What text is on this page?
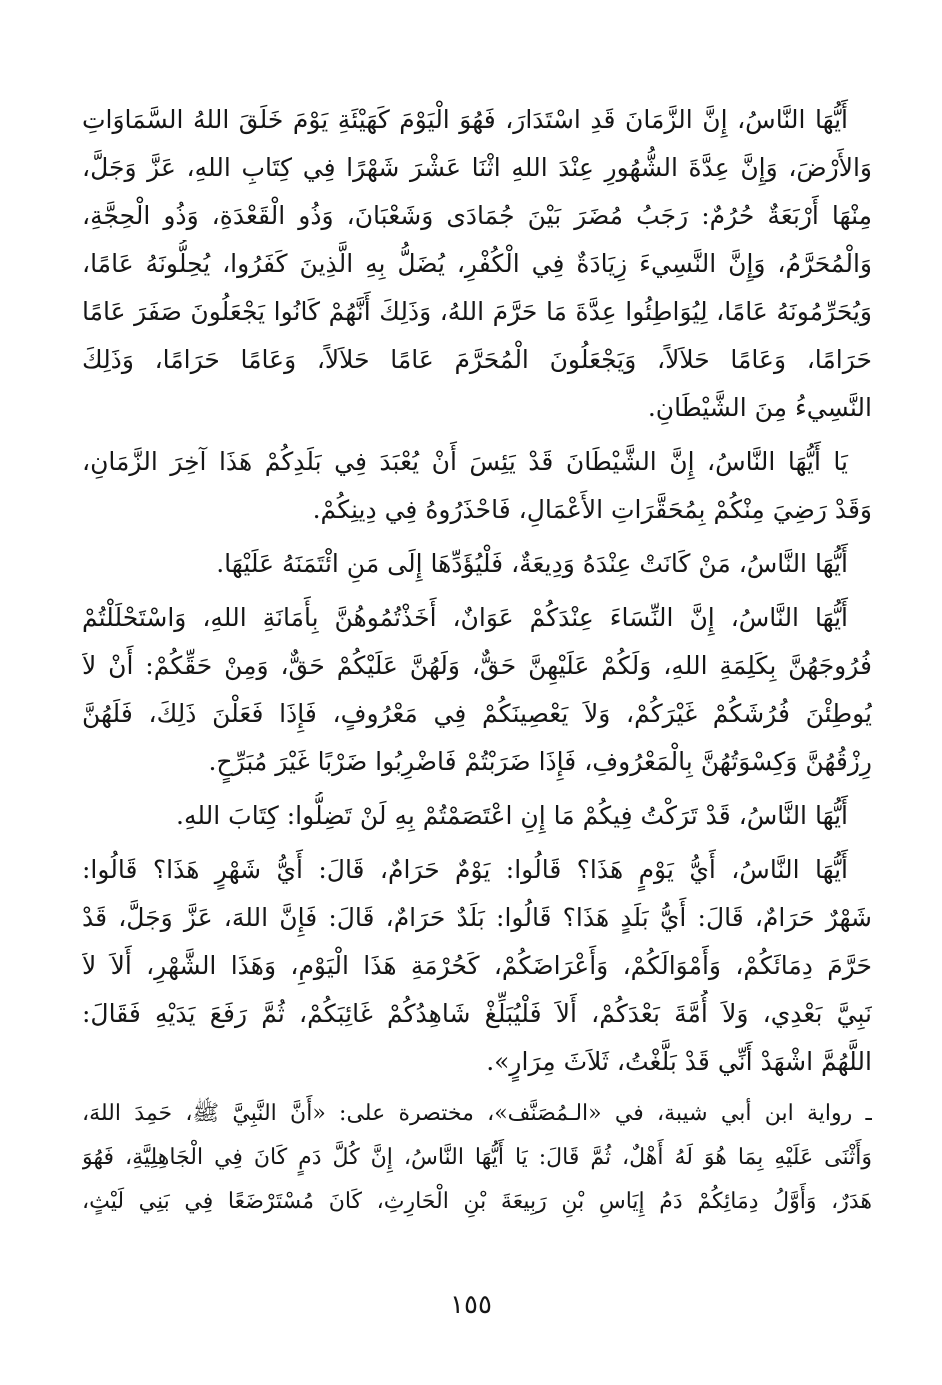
أَيُّهَا النَّاسُ، إِنَّ الزَّمَانَ قَدِ اسْتَدَارَ، فَهُوَ الْيَوْمَ كَهَيْئَةِ يَوْمَ خَلَقَ اللهُ السَّمَاوَاتِ
وَالأَرْضَ، وَإِنَّ عِدَّةَ الشُّهُورِ عِنْدَ اللهِ اثْنَا عَشْرَ شَهْرًا فِي كِتَابِ اللهِ، عَزَّ وَجَلَّ،
مِنْهَا أَرْبَعَةٌ حُرُمٌ: رَجَبُ مُضَرَ بَيْنَ جُمَادَى وَشَعْبَانَ، وَذُو الْقَعْدَةِ، وَذُو الْحِجَّةِ،
وَالْمُحَرَّمُ، وَإِنَّ النَّسِيءَ زِيَادَةٌ فِي الْكُفْرِ، يُضَلُّ بِهِ الَّذِينَ كَفَرُوا، يُحِلُّونَهُ عَامًا،
وَيُحَرِّمُونَهُ عَامًا، لِيُوَاطِئُوا عِدَّةَ مَا حَرَّمَ اللهُ، وَذَلِكَ أَنَّهُمْ كَانُوا يَجْعَلُونَ صَفَرَ عَامًا
حَرَامًا، وَعَامًا حَلاَلاً، وَيَجْعَلُونَ الْمُحَرَّمَ عَامًا حَلاَلاً، وَعَامًا حَرَامًا، وَذَلِكَ
النَّسِيءُ مِنَ الشَّيْطَانِ.
يَا أَيُّهَا النَّاسُ، إِنَّ الشَّيْطَانَ قَدْ يَئِسَ أَنْ يُعْبَدَ فِي بَلَدِكُمْ هَذَا آخِرَ الزَّمَانِ،
وَقَدْ رَضِيَ مِنْكُمْ بِمُحَقَّرَاتِ الأَعْمَالِ، فَاحْذَرُوهُ فِي دِينِكُمْ.
أَيُّهَا النَّاسُ، مَنْ كَانَتْ عِنْدَهُ وَدِيعَةٌ، فَلْيُؤَدِّهَا إِلَى مَنِ ائْتَمَنَهُ عَلَيْهَا.
أَيُّهَا النَّاسُ، إِنَّ النِّسَاءَ عِنْدَكُمْ عَوَانٌ، أَخَذْتُمُوهُنَّ بِأَمَانَةِ اللهِ، وَاسْتَحْلَلْتُمْ
فُرُوجَهُنَّ بِكَلِمَةِ اللهِ، وَلَكُمْ عَلَيْهِنَّ حَقٌّ، وَلَهُنَّ عَلَيْكُمْ حَقٌّ، وَمِنْ حَقِّكُمْ: أَنْ لاَ
يُوطِئْنَ فُرُشَكُمْ غَيْرَكُمْ، وَلاَ يَعْصِينَكُمْ فِي مَعْرُوفٍ، فَإِذَا فَعَلْنَ ذَلِكَ، فَلَهُنَّ
رِزْقُهُنَّ وَكِسْوَتُهُنَّ بِالْمَعْرُوفِ، فَإِذَا ضَرَبْتُمْ فَاضْرِبُوا ضَرْبًا غَيْرَ مُبَرِّحٍ.
أَيُّهَا النَّاسُ، قَدْ تَرَكْتُ فِيكُمْ مَا إِنِ اعْتَصَمْتُمْ بِهِ لَنْ تَضِلُّوا: كِتَابَ اللهِ.
أَيُّهَا النَّاسُ، أَيُّ يَوْمٍ هَذَا؟ قَالُوا: يَوْمٌ حَرَامٌ، قَالَ: أَيُّ شَهْرٍ هَذَا؟ قَالُوا:
شَهْرٌ حَرَامٌ، قَالَ: أَيُّ بَلَدٍ هَذَا؟ قَالُوا: بَلَدٌ حَرَامٌ، قَالَ: فَإِنَّ اللهَ، عَزَّ وَجَلَّ، قَدْ
حَرَّمَ دِمَائَكُمْ، وَأَمْوَالَكُمْ، وَأَعْرَاضَكُمْ، كَحُرْمَةِ هَذَا الْيَوْمِ، وَهَذَا الشَّهْرِ، أَلاَ لاَ
نَبِيَّ بَعْدِي، وَلاَ أُمَّةَ بَعْدَكُمْ، أَلاَ فَلْيُبَلِّغْ شَاهِدُكُمْ غَائِبَكُمْ، ثُمَّ رَفَعَ يَدَيْهِ فَقَالَ:
اللَّهُمَّ اشْهَدْ أَنِّي قَدْ بَلَّغْتُ، ثَلاَثَ مِرَارٍ».
ـ رواية ابن أبي شيبة، في «الـمُصَنَّف»، مختصرة على: «أَنَّ النَّبِيَّ ﷺ، حَمِدَ اللهَ،
وَأَثْنَى عَلَيْهِ بِمَا هُوَ لَهُ أَهْلٌ، ثُمَّ قَالَ: يَا أَيُّهَا النَّاسُ، إِنَّ كُلَّ دَمٍ كَانَ فِي الْجَاهِلِيَّةِ، فَهُوَ
هَدَرٌ، وَأَوَّلُ دِمَائِكُمْ دَمُ إِيَاسِ بْنِ رَبِيعَةَ بْنِ الْحَارِثِ، كَانَ مُسْتَرْضَعًا فِي بَنِي لَيْثٍ،
١٥٥
